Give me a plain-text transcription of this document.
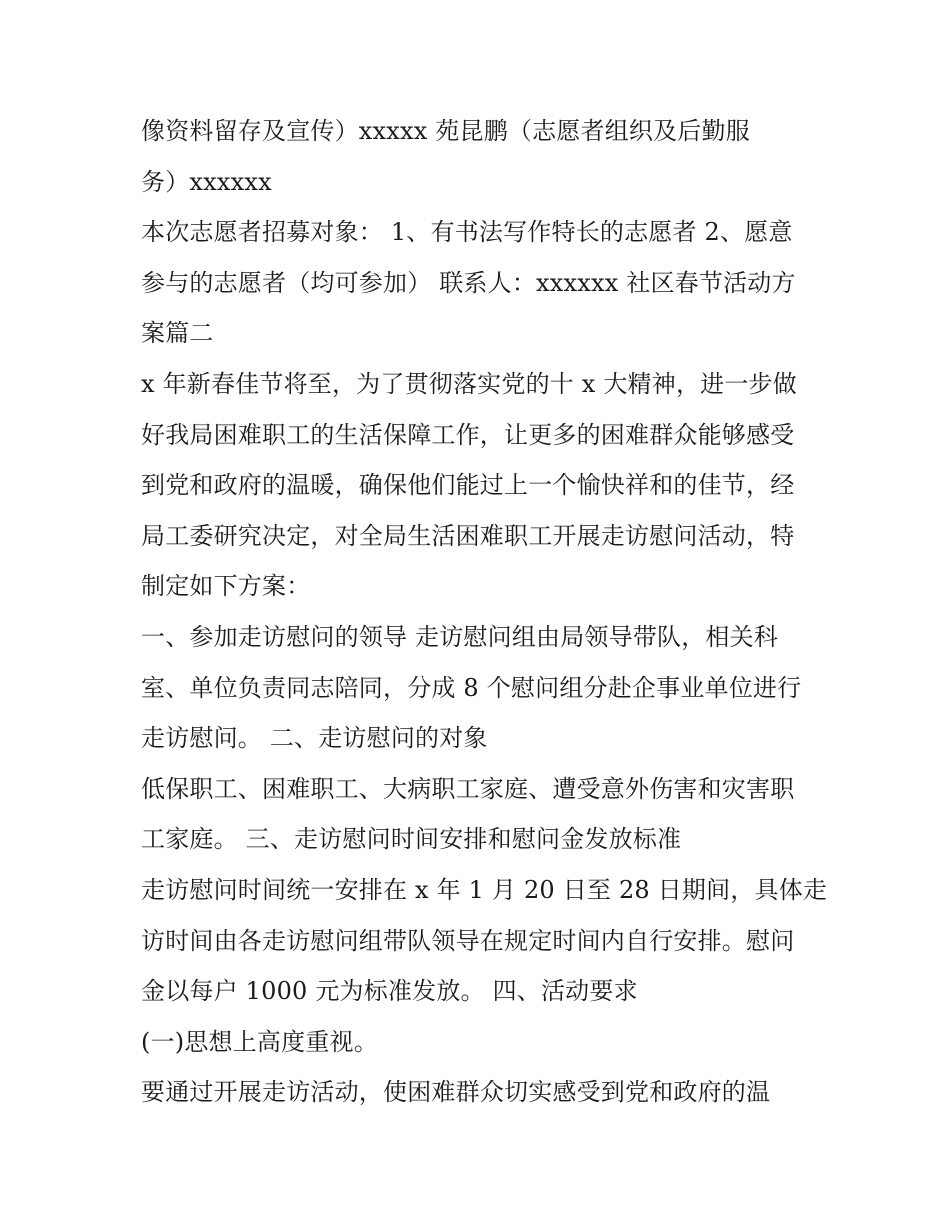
像资料留存及宣传）xxxxx 苑昆鹏（志愿者组织及后勤服
务）xxxxxx
本次志愿者招募对象： 1、有书法写作特长的志愿者 2、愿意
参与的志愿者（均可参加） 联系人：xxxxxx 社区春节活动方
案篇二
x 年新春佳节将至，为了贯彻落实党的十 x 大精神，进一步做
好我局困难职工的生活保障工作，让更多的困难群众能够感受
到党和政府的温暖，确保他们能过上一个愉快祥和的佳节，经
局工委研究决定，对全局生活困难职工开展走访慰问活动，特
制定如下方案：
一、参加走访慰问的领导 走访慰问组由局领导带队，相关科
室、单位负责同志陪同，分成 8 个慰问组分赴企事业单位进行
走访慰问。 二、走访慰问的对象
低保职工、困难职工、大病职工家庭、遭受意外伤害和灾害职
工家庭。 三、走访慰问时间安排和慰问金发放标准
走访慰问时间统一安排在 x 年 1 月 20 日至 28 日期间，具体走
访时间由各走访慰问组带队领导在规定时间内自行安排。慰问
金以每户 1000 元为标准发放。 四、活动要求
(一)思想上高度重视。
要通过开展走访活动，使困难群众切实感受到党和政府的温
